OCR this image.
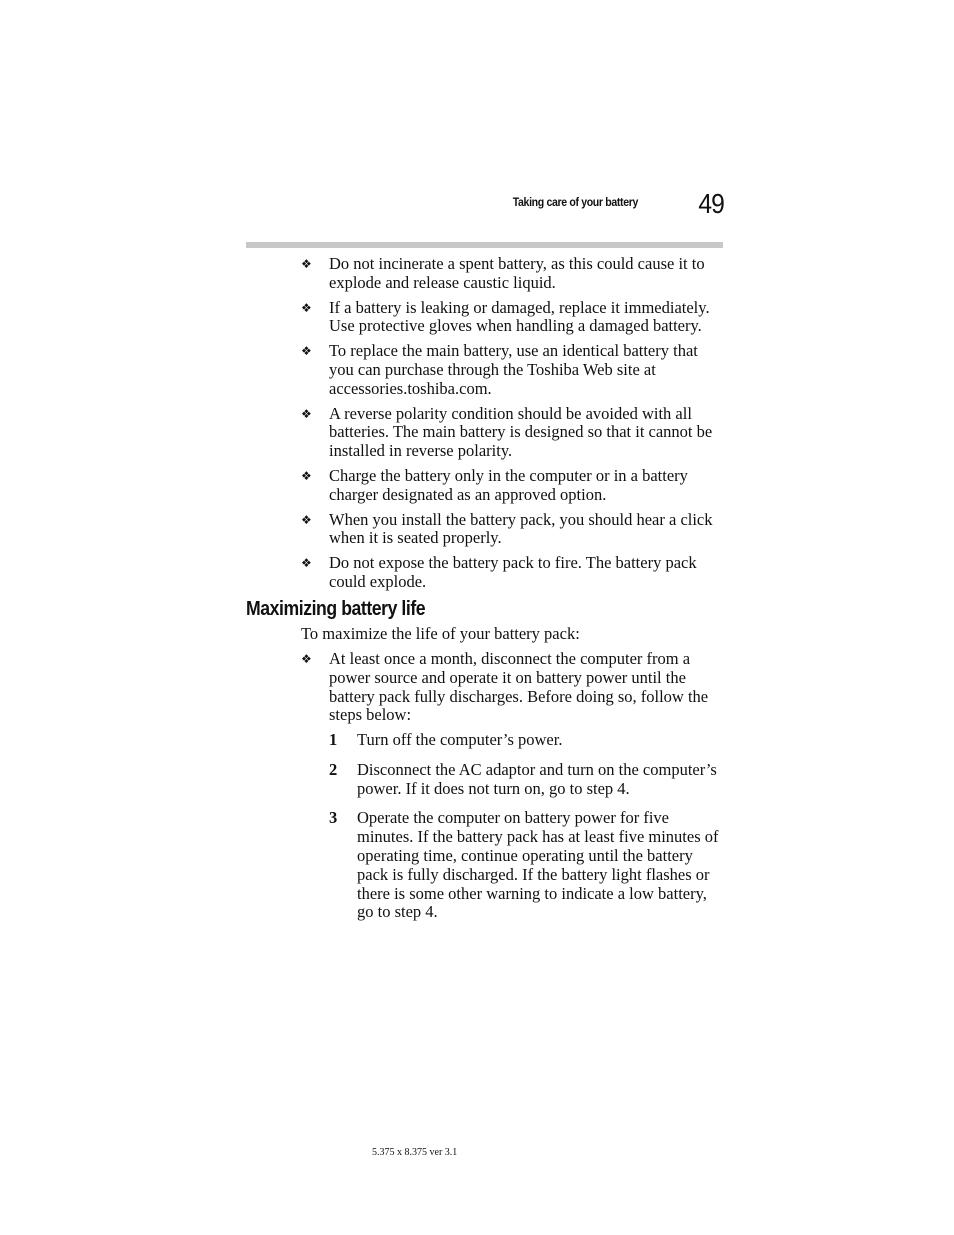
Taking care of your battery	49
❖ Do not incinerate a spent battery, as this could cause it to explode and release caustic liquid.
❖ If a battery is leaking or damaged, replace it immediately. Use protective gloves when handling a damaged battery.
❖ To replace the main battery, use an identical battery that you can purchase through the Toshiba Web site at accessories.toshiba.com.
❖ A reverse polarity condition should be avoided with all batteries. The main battery is designed so that it cannot be installed in reverse polarity.
❖ Charge the battery only in the computer or in a battery charger designated as an approved option.
❖ When you install the battery pack, you should hear a click when it is seated properly.
❖ Do not expose the battery pack to fire. The battery pack could explode.
Maximizing battery life

To maximize the life of your battery pack:

❖ At least once a month, disconnect the computer from a power source and operate it on battery power until the battery pack fully discharges. Before doing so, follow the steps below:
1 Turn off the computer’s power.
2 Disconnect the AC adaptor and turn on the computer’s power. If it does not turn on, go to step 4.
3 Operate the computer on battery power for five minutes. If the battery pack has at least five minutes of operating time, continue operating until the battery pack is fully discharged. If the battery light flashes or there is some other warning to indicate a low battery, go to step 4.
5.375 x 8.375 ver 3.1
